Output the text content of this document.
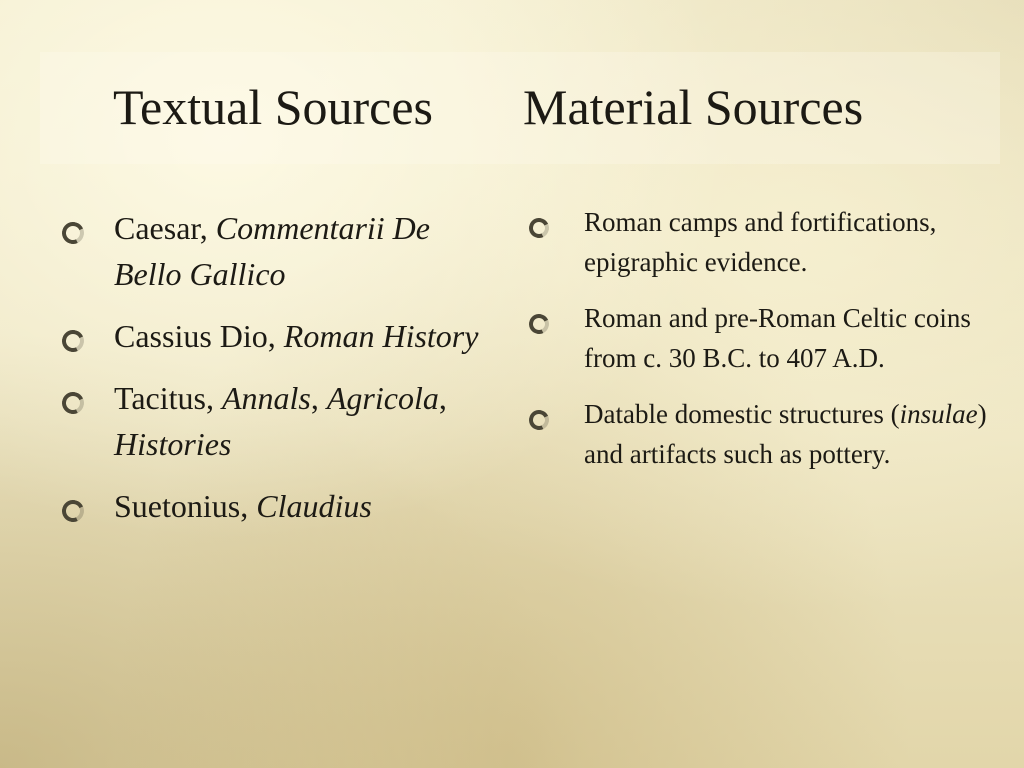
Textual Sources Material Sources
Caesar, Commentarii De Bello Gallico
Cassius Dio, Roman History
Tacitus, Annals, Agricola, Histories
Suetonius, Claudius
Roman camps and fortifications, epigraphic evidence.
Roman and pre-Roman Celtic coins from c. 30 B.C. to 407 A.D.
Datable domestic structures (insulae) and artifacts such as pottery.
